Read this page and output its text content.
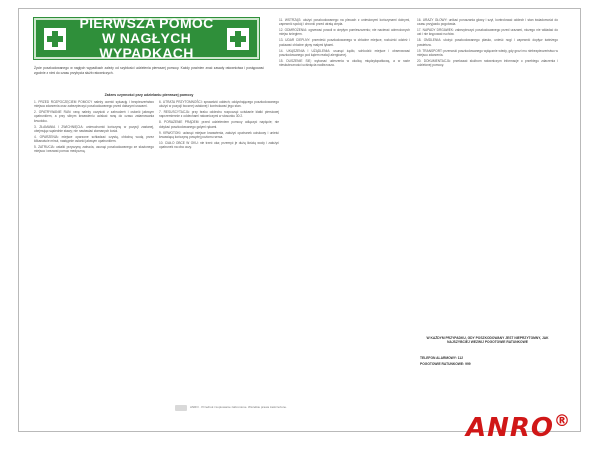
PIERWSZA POMOC
W NAGŁYCH WYPADKACH
Życie poszkodowanego w nagłych wypadkach zależy od szybkości udzielenia pierwszej pomocy. Każdy powinien znać zasady ratownictwa i postępować zgodnie z nimi do czasu przybycia służb ratowniczych.
Zakres czynności przy udzielaniu pierwszej pomocy

1. PRZED ROZPOCZĘCIEM POMOCY należy ocenić sytuację i bezpieczeństwo miejsca zdarzenia oraz zabezpieczyć poszkodowanego przed dalszymi urazami.

2. OPATRYWANIE RAN: ranę należy oczyścić z zabrudzeń i osłonić jałowym opatrunkiem, a przy silnym krwawieniu uciskać ranę do czasu zatamowania krwotoku.

3. ZŁAMANIA I ZWICHNIĘCIA: unieruchomić kończynę w pozycji zastanej, obejmując sąsiednie stawy; nie nastawiać złamanych kości.

4. OPARZENIA: miejsce oparzone schładzać czystą, chłodną wodą przez kilkanaście minut, następnie osłonić jałowym opatrunkiem.

5. ZATRUCIA: ustalić przyczynę zatrucia, usunąć poszkodowanego ze skażonego miejsca i wezwać pomoc medyczną.

6. UTRATA PRZYTOMNOŚCI: sprawdzić oddech; oddychającego poszkodowanego ułożyć w pozycji bocznej ustalonej i kontrolować jego stan.

7. RESUSCYTACJA: przy braku oddechu rozpocząć uciskanie klatki piersiowej naprzemiennie z oddechami ratowniczymi w stosunku 30:2.

8. PORAŻENIE PRĄDEM: przed udzieleniem pomocy odłączyć napięcie; nie dotykać poszkodowanego gołymi rękami.

9. KRWOTOKI: ucisnąć miejsce krwawienia, założyć opatrunek uciskowy i unieść krwawiącą kończynę powyżej poziomu serca.

10. CIAŁO OBCE W OKU: nie trzeć oka; przemyć je dużą ilością wody i założyć opatrunek na oba oczy.

11. WSTRZĄS: ułożyć poszkodowanego na plecach z uniesionymi kończynami dolnymi, zapewnić spokój i chronić przed utratą ciepła.

12. ODMROŻENIA: ogrzewać powoli w ciepłym pomieszczeniu; nie nacierać odmrożonych miejsc śniegiem.

13. UDAR CIEPLNY: przenieść poszkodowanego w chłodne miejsce, rozluźnić odzież i podawać chłodne płyny małymi łykami.

14. UKĄSZENIA I UŻĄDLENIA: usunąć żądło, schłodzić miejsce i obserwować poszkodowanego pod kątem reakcji alergicznej.

15. DUSZENIE SIĘ: wykonać uderzenia w okolicę międzyłopatkową, a w razie nieskuteczności uciśnięcia nadbrzusza.

16. URAZY GŁOWY: unikać poruszania głowy i szyi, kontrolować oddech i stan świadomości do czasu przyjazdu pogotowia.

17. NAPADY DRGAWEK: zabezpieczyć poszkodowanego przed urazami, niczego nie wkładać do ust i nie krępować ruchów.

18. OMDLENIA: ułożyć poszkodowanego płasko, unieść nogi i zapewnić dopływ świeżego powietrza.

19. TRANSPORT: przenosić poszkodowanego wyłącznie wtedy, gdy grozi mu niebezpieczeństwo w miejscu zdarzenia.

20. DOKUMENTACJA: przekazać służbom ratowniczym informacje o przebiegu zdarzenia i udzielonej pomocy.

W KAŻDYM PRZYPADKU, GDY POSZKODOWANY JEST NIEPRZYTOMNY, JAK NAJSZYBCIEJ WEZWIJ POGOTOWIE RATUNKOWE
TELEFON ALARMOWY: 112
POGOTOWIE RATUNKOWE: 999
ANRO · Przedruk i kopiowanie zabronione. Wszelkie prawa zastrzeżone.
ANRO®
